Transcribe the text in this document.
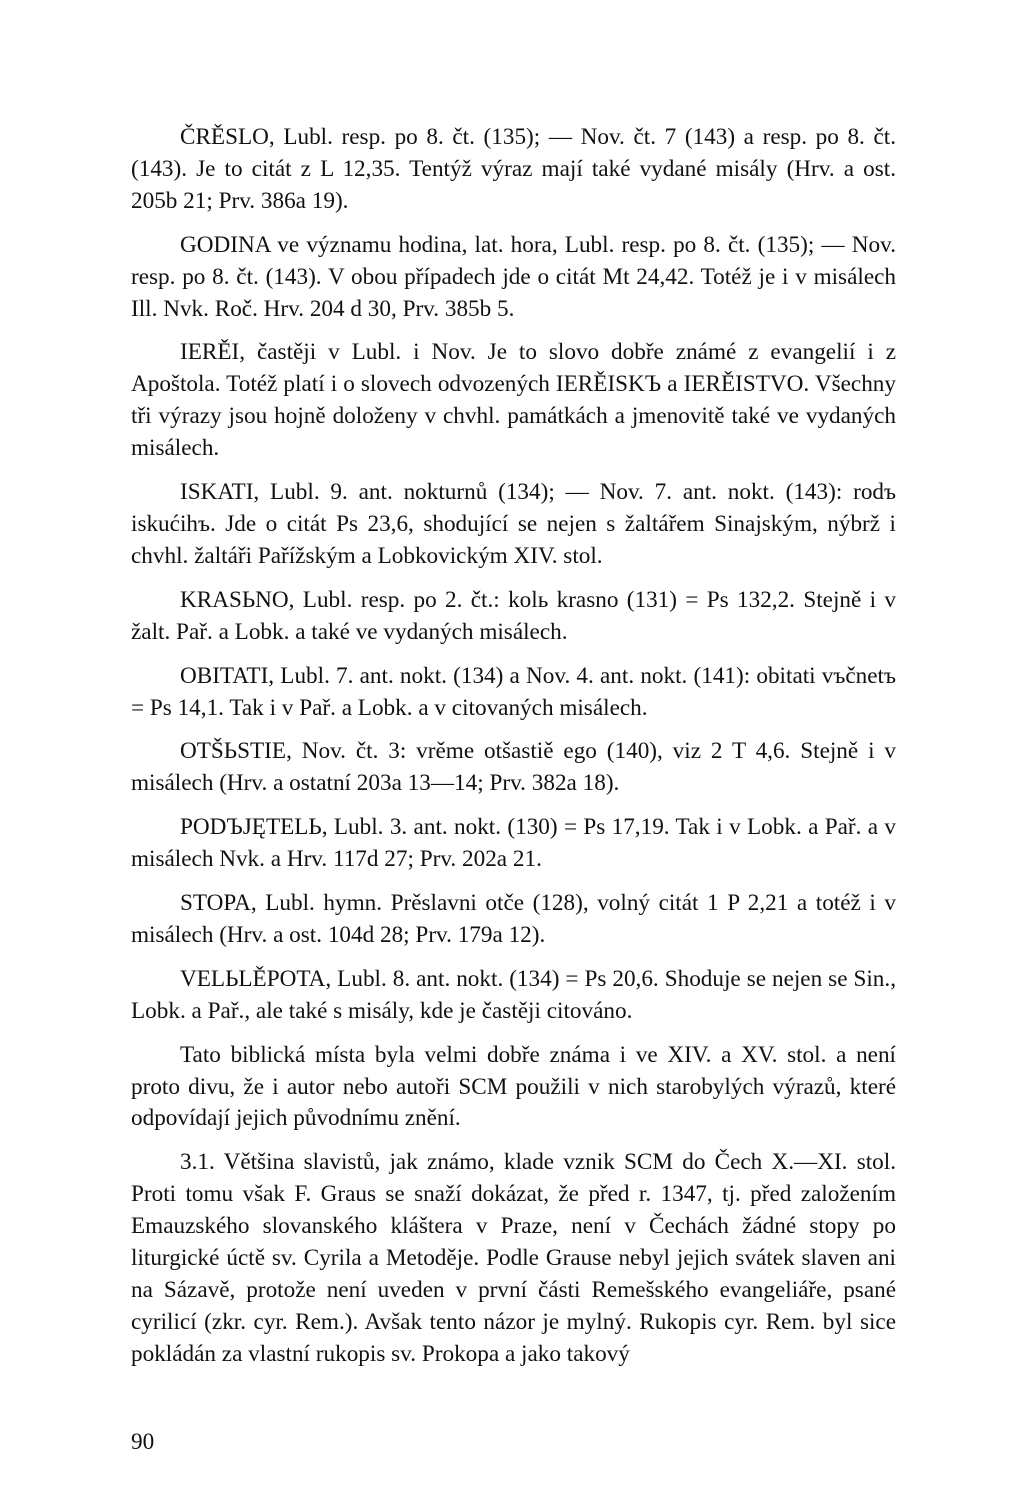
ČRĚSLO, Lubl. resp. po 8. čt. (135); — Nov. čt. 7 (143) a resp. po 8. čt. (143). Je to citát z L 12,35. Tentýž výraz mají také vydané misály (Hrv. a ost. 205b 21; Prv. 386a 19).

GODINA ve významu hodina, lat. hora, Lubl. resp. po 8. čt. (135); — Nov. resp. po 8. čt. (143). V obou případech jde o citát Mt 24,42. Totéž je i v misálech Ill. Nvk. Roč. Hrv. 204 d 30, Prv. 385b 5.

IERĚI, častěji v Lubl. i Nov. Je to slovo dobře známé z evangelií i z Apoštola. Totéž platí i o slovech odvozených IERĚISKЪ a IERĚISTVO. Všechny tři výrazy jsou hojně doloženy v chvhl. památkách a jmenovitě také ve vydaných misálech.

ISKATI, Lubl. 9. ant. nokturnů (134); — Nov. 7. ant. nokt. (143): rodъ iskućihъ. Jde o citát Ps 23,6, shodující se nejen s žaltářem Sinajským, nýbrž i chvhl. žaltáři Pařížským a Lobkovickým XIV. stol.

KRASЬNO, Lubl. resp. po 2. čt.: kolь krasno (131) = Ps 132,2. Stejně i v žalt. Pař. a Lobk. a také ve vydaných misálech.

OBITATI, Lubl. 7. ant. nokt. (134) a Nov. 4. ant. nokt. (141): obitati vъčnetъ = Ps 14,1. Tak i v Pař. a Lobk. a v citovaných misálech.

OTŠЬSTIE, Nov. čt. 3: vrěme otšastiě ego (140), viz 2 T 4,6. Stejně i v misálech (Hrv. a ostatní 203a 13—14; Prv. 382a 18).

PODЪJĘTELЬ, Lubl. 3. ant. nokt. (130) = Ps 17,19. Tak i v Lobk. a Pař. a v misálech Nvk. a Hrv. 117d 27; Prv. 202a 21.

STOPA, Lubl. hymn. Prěslavni otče (128), volný citát 1 P 2,21 a totéž i v misálech (Hrv. a ost. 104d 28; Prv. 179a 12).

VELЬLĚPOTA, Lubl. 8. ant. nokt. (134) = Ps 20,6. Shoduje se nejen se Sin., Lobk. a Pař., ale také s misály, kde je častěji citováno.

Tato biblická místa byla velmi dobře známa i ve XIV. a XV. stol. a není proto divu, že i autor nebo autoři SCM použili v nich starobylých výrazů, které odpovídají jejich původnímu znění.

3.1. Většina slavistů, jak známo, klade vznik SCM do Čech X.—XI. stol. Proti tomu však F. Graus se snaží dokázat, že před r. 1347, tj. před založením Emauzského slovanského kláštera v Praze, není v Čechách žádné stopy po liturgické úctě sv. Cyrila a Metoděje. Podle Grause nebyl jejich svátek slaven ani na Sázavě, protože není uveden v první části Remešského evangeliáře, psané cyrilicí (zkr. cyr. Rem.). Avšak tento názor je mylný. Rukopis cyr. Rem. byl sice pokládán za vlastní rukopis sv. Prokopa a jako takový

90
